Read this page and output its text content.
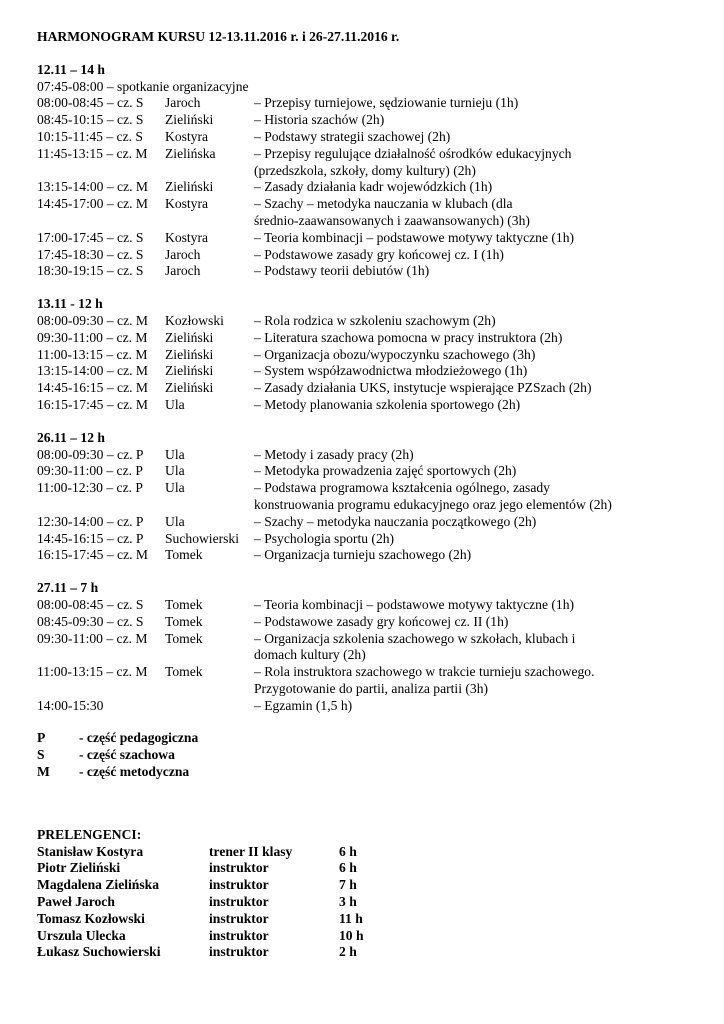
HARMONOGRAM KURSU 12-13.11.2016 r. i 26-27.11.2016 r.
12.11 – 14 h
07:45-08:00 – spotkanie organizacyjne
08:00-08:45 – cz. S Jaroch	– Przepisy turniejowe, sędziowanie turnieju (1h)
08:45-10:15 – cz. S Zieliński	– Historia szachów (2h)
10:15-11:45 – cz. S Kostyra	– Podstawy strategii szachowej (2h)
11:45-13:15 – cz. M Zielińska	– Przepisy regulujące działalność ośrodków edukacyjnych
(przedszkola, szkoły, domy kultury) (2h)
13:15-14:00 – cz. M Zieliński	– Zasady działania kadr wojewódzkich (1h)
14:45-17:00 – cz. M Kostyra	– Szachy – metodyka nauczania w klubach (dla
średnio-zaawansowanych i zaawansowanych) (3h)
17:00-17:45 – cz. S Kostyra	– Teoria kombinacji – podstawowe motywy taktyczne (1h)
17:45-18:30 – cz. S Jaroch	– Podstawowe zasady gry końcowej cz. I (1h)
18:30-19:15 – cz. S Jaroch	– Podstawy teorii debiutów (1h)
13.11 - 12 h
08:00-09:30 – cz. M Kozłowski – Rola rodzica w szkoleniu szachowym (2h)
09:30-11:00 – cz. M Zieliński	– Literatura szachowa pomocna w pracy instruktora (2h)
11:00-13:15 – cz. M Zieliński	– Organizacja obozu/wypoczynku szachowego (3h)
13:15-14:00 – cz. M Zieliński	– System współzawodnictwa młodzieżowego (1h)
14:45-16:15 – cz. M Zieliński	– Zasady działania UKS, instytucje wspierające PZSzach (2h)
16:15-17:45 – cz. M Ula	– Metody planowania szkolenia sportowego (2h)
26.11 – 12 h
08:00-09:30 – cz. P Ula	– Metody i zasady pracy (2h)
09:30-11:00 – cz. P Ula	– Metodyka prowadzenia zajęć sportowych (2h)
11:00-12:30 – cz. P Ula	– Podstawa programowa kształcenia ogólnego, zasady
konstruowania programu edukacyjnego oraz jego elementów (2h)
12:30-14:00 – cz. P Ula	– Szachy – metodyka nauczania początkowego (2h)
14:45-16:15 – cz. P Suchowierski – Psychologia sportu (2h)
16:15-17:45 – cz. M Tomek	– Organizacja turnieju szachowego (2h)
27.11 – 7 h
08:00-08:45 – cz. S Tomek	– Teoria kombinacji – podstawowe motywy taktyczne (1h)
08:45-09:30 – cz. S Tomek	– Podstawowe zasady gry końcowej cz. II (1h)
09:30-11:00 – cz. M Tomek	– Organizacja szkolenia szachowego w szkołach, klubach i
domach kultury (2h)
11:00-13:15 – cz. M Tomek	– Rola instruktora szachowego w trakcie turnieju szachowego.
Przygotowanie do partii, analiza partii (3h)
14:00-15:30	– Egzamin (1,5 h)
P - część pedagogiczna
S	- część szachowa
M - część metodyczna
PRELENGENCI:
Stanisław Kostyra	trener II klasy	6 h
Piotr Zieliński	instruktor	6 h
Magdalena Zielińska	instruktor	7 h
Paweł Jaroch	instruktor	3 h
Tomasz Kozłowski	instruktor	11 h
Urszula Ulecka	instruktor	10 h
Łukasz Suchowierski	instruktor	2 h
